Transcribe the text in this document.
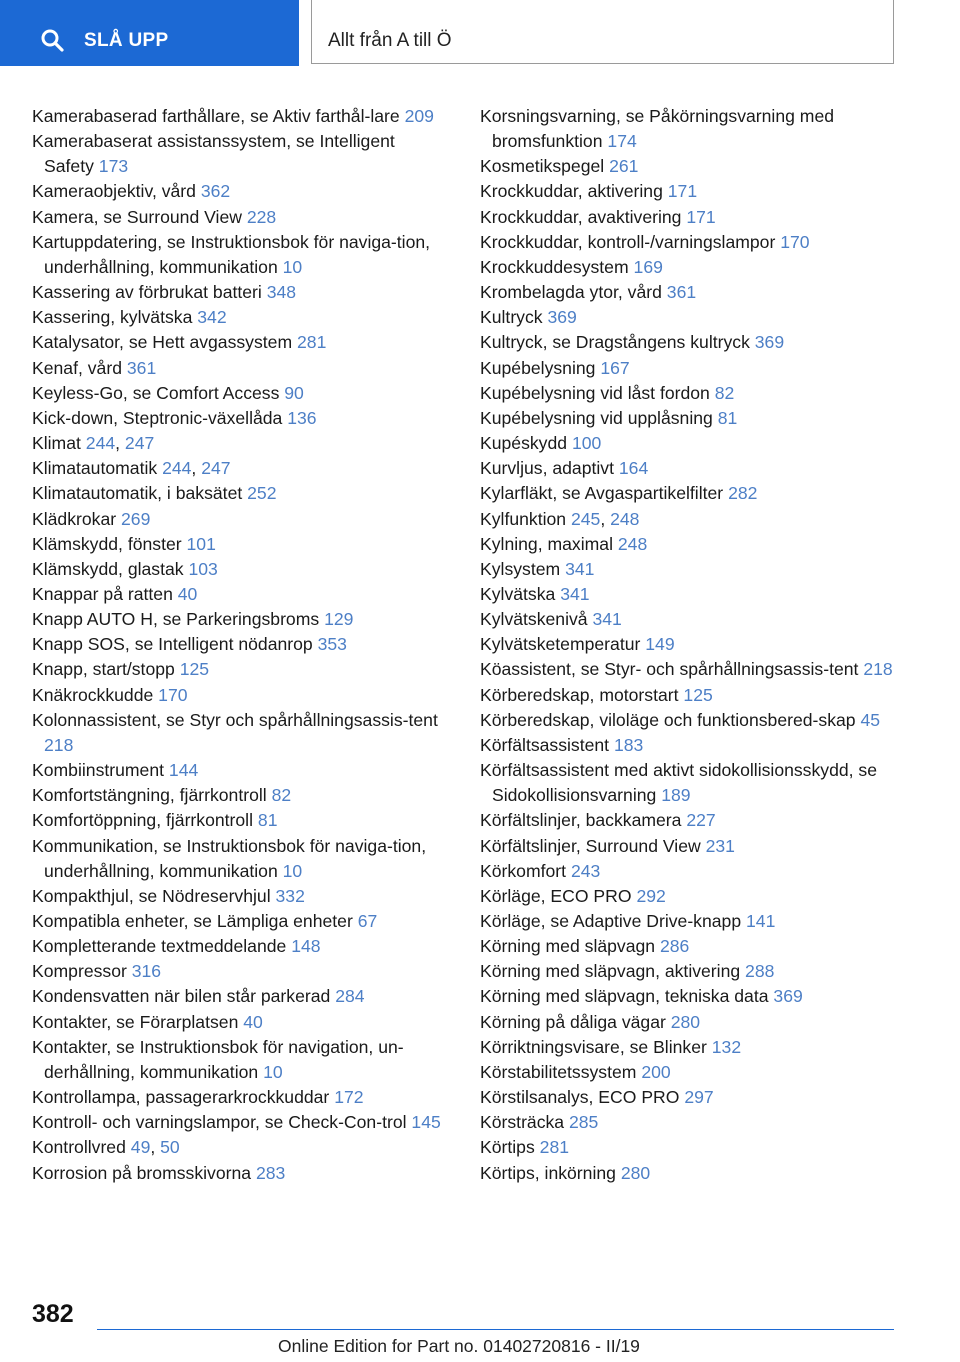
SLÅ UPP	Allt från A till Ö
Kamerabaserad farthållare, se Aktiv farthål-lare 209
Kamerabaserat assistanssystem, se Intelligent Safety 173
Kameraobjektiv, vård 362
Kamera, se Surround View 228
Kartuppdatering, se Instruktionsbok för naviga-tion, underhållning, kommunikation 10
Kassering av förbrukat batteri 348
Kassering, kylvätska 342
Katalysator, se Hett avgassystem 281
Kenaf, vård 361
Keyless-Go, se Comfort Access 90
Kick-down, Steptronic-växellåda 136
Klimat 244, 247
Klimatautomatik 244, 247
Klimatautomatik, i baksätet 252
Klädkrokar 269
Klämskydd, fönster 101
Klämskydd, glastak 103
Knappar på ratten 40
Knapp AUTO H, se Parkeringsbroms 129
Knapp SOS, se Intelligent nödanrop 353
Knapp, start/stopp 125
Knäkrockkudde 170
Kolonnassistent, se Styr och spårhållningsassis-tent 218
Kombiinstrument 144
Komfortstängning, fjärrkontroll 82
Komfortöppning, fjärrkontroll 81
Kommunikation, se Instruktionsbok för naviga-tion, underhållning, kommunikation 10
Kompakthjul, se Nödreservhjul 332
Kompatibla enheter, se Lämpliga enheter 67
Kompletterande textmeddelande 148
Kompressor 316
Kondensvatten när bilen står parkerad 284
Kontakter, se Förarplatsen 40
Kontakter, se Instruktionsbok för navigation, un-derhållning, kommunikation 10
Kontrollampa, passagerarkrockkuddar 172
Kontroll- och varningslampor, se Check-Con-trol 145
Kontrollvred 49, 50
Korrosion på bromsskivorna 283
Korsningsvarning, se Påkörningsvarning med bromsfunktion 174
Kosmetikspegel 261
Krockkuddar, aktivering 171
Krockkuddar, avaktivering 171
Krockkuddar, kontroll-/varningslampor 170
Krockkuddesystem 169
Krombelagda ytor, vård 361
Kultryck 369
Kultryck, se Dragstångens kultryck 369
Kupébelysning 167
Kupébelysning vid låst fordon 82
Kupébelysning vid upplåsning 81
Kupéskydd 100
Kurvljus, adaptivt 164
Kylarfläkt, se Avgaspartikelfilter 282
Kylfunktion 245, 248
Kylning, maximal 248
Kylsystem 341
Kylvätska 341
Kylvätskenivå 341
Kylvätsketemperatur 149
Köassistent, se Styr- och spårhållningsassis-tent 218
Körberedskap, motorstart 125
Körberedskap, viloläge och funktionsbered-skap 45
Körfältsassistent 183
Körfältsassistent med aktivt sidokollisionsskydd, se Sidokollisionsvarning 189
Körfältslinjer, backkamera 227
Körfältslinjer, Surround View 231
Körkomfort 243
Körläge, ECO PRO 292
Körläge, se Adaptive Drive-knapp 141
Körning med släpvagn 286
Körning med släpvagn, aktivering 288
Körning med släpvagn, tekniska data 369
Körning på dåliga vägar 280
Körriktningsvisare, se Blinker 132
Körstabilitetssystem 200
Körstilsanalys, ECO PRO 297
Körsträcka 285
Körtips 281
Körtips, inkörning 280
382
Online Edition for Part no. 01402720816 - II/19
